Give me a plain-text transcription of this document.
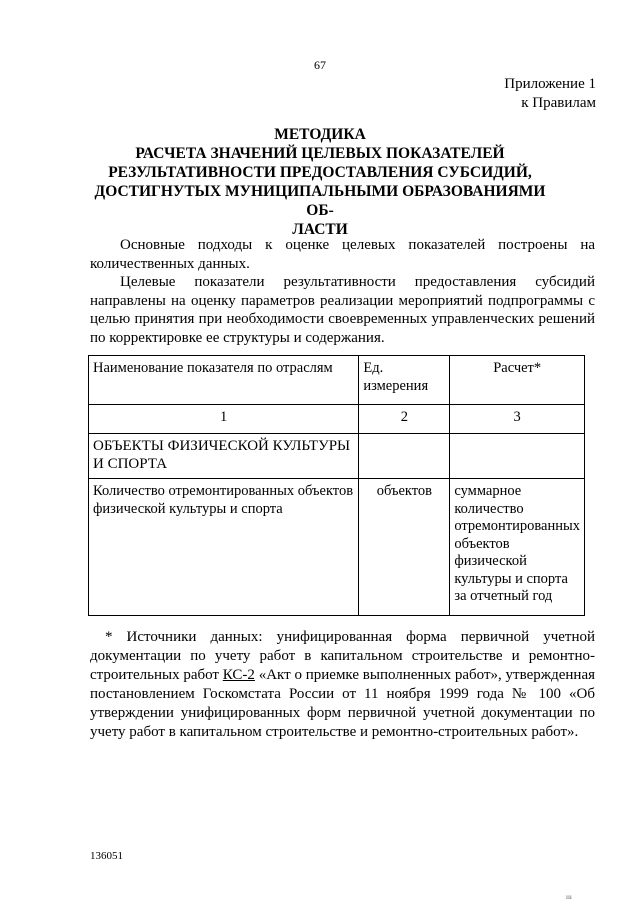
67
Приложение 1
к Правилам
МЕТОДИКА
РАСЧЕТА ЗНАЧЕНИЙ ЦЕЛЕВЫХ ПОКАЗАТЕЛЕЙ
РЕЗУЛЬТАТИВНОСТИ ПРЕДОСТАВЛЕНИЯ СУБСИДИЙ,
ДОСТИГНУТЫХ МУНИЦИПАЛЬНЫМИ ОБРАЗОВАНИЯМИ ОБ-
ЛАСТИ

Основные подходы к оценке целевых показателей построены на количественных данных.

Целевые показатели результативности предоставления субсидий направлены на оценку параметров реализации мероприятий подпрограммы с целью принятия при необходимости своевременных управленческих решений по корректировке ее структуры и содержания.

Наименование показателя по отраслям	Ед. измерения	Расчет*
1	2	3
ОБЪЕКТЫ ФИЗИЧЕСКОЙ КУЛЬТУРЫ И СПОРТА		
Количество отремонтированных объектов физической культуры и спорта	объектов	суммарное количество отремонтированных объектов физической культуры и спорта за отчетный год

* Источники данных: унифицированная форма первичной учетной документации по учету работ в капитальном строительстве и ремонтно-строительных работ КС-2 «Акт о приемке выполненных работ», утвержденная постановлением Госкомстата России от 11 ноября 1999 года № 100 «Об утверждении унифицированных форм первичной учетной документации по учету работ в капитальном строительстве и ремонтно-строительных работ».

136051
ııı
